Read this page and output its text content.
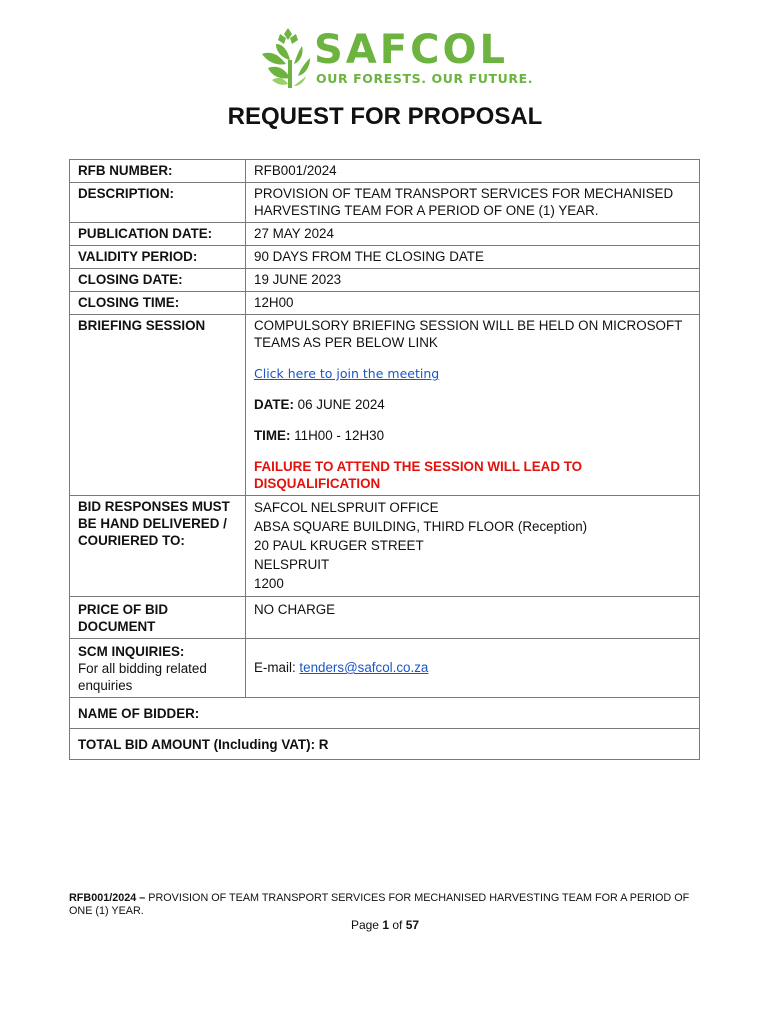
SAFCOL
OUR FORESTS. OUR FUTURE.
REQUEST FOR PROPOSAL
RFB NUMBER:	RFB001/2024
DESCRIPTION:	PROVISION OF TEAM TRANSPORT SERVICES FOR MECHANISED HARVESTING TEAM FOR A PERIOD OF ONE (1) YEAR.
PUBLICATION DATE:	27 MAY 2024
VALIDITY PERIOD:	90 DAYS FROM THE CLOSING DATE
CLOSING DATE:	19 JUNE 2023
CLOSING TIME:	12H00
BRIEFING SESSION	COMPULSORY BRIEFING SESSION WILL BE HELD ON MICROSOFT TEAMS AS PER BELOW LINK
Click here to join the meeting
DATE: 06 JUNE 2024
TIME: 11H00 - 12H30
FAILURE TO ATTEND THE SESSION WILL LEAD TO DISQUALIFICATION

BID RESPONSES MUST BE HAND DELIVERED / COURIERED TO:	SAFCOL NELSPRUIT OFFICE
ABSA SQUARE BUILDING, THIRD FLOOR (Reception)
20 PAUL KRUGER STREET
NELSPRUIT
1200

PRICE OF BID DOCUMENT	NO CHARGE

SCM INQUIRIES:
For all bidding related enquiries	E-mail: tenders@safcol.co.za
NAME OF BIDDER:	
TOTAL BID AMOUNT (Including VAT): R	
RFB001/2024 – PROVISION OF TEAM TRANSPORT SERVICES FOR MECHANISED HARVESTING TEAM FOR A PERIOD OF ONE (1) YEAR.
Page 1 of 57
